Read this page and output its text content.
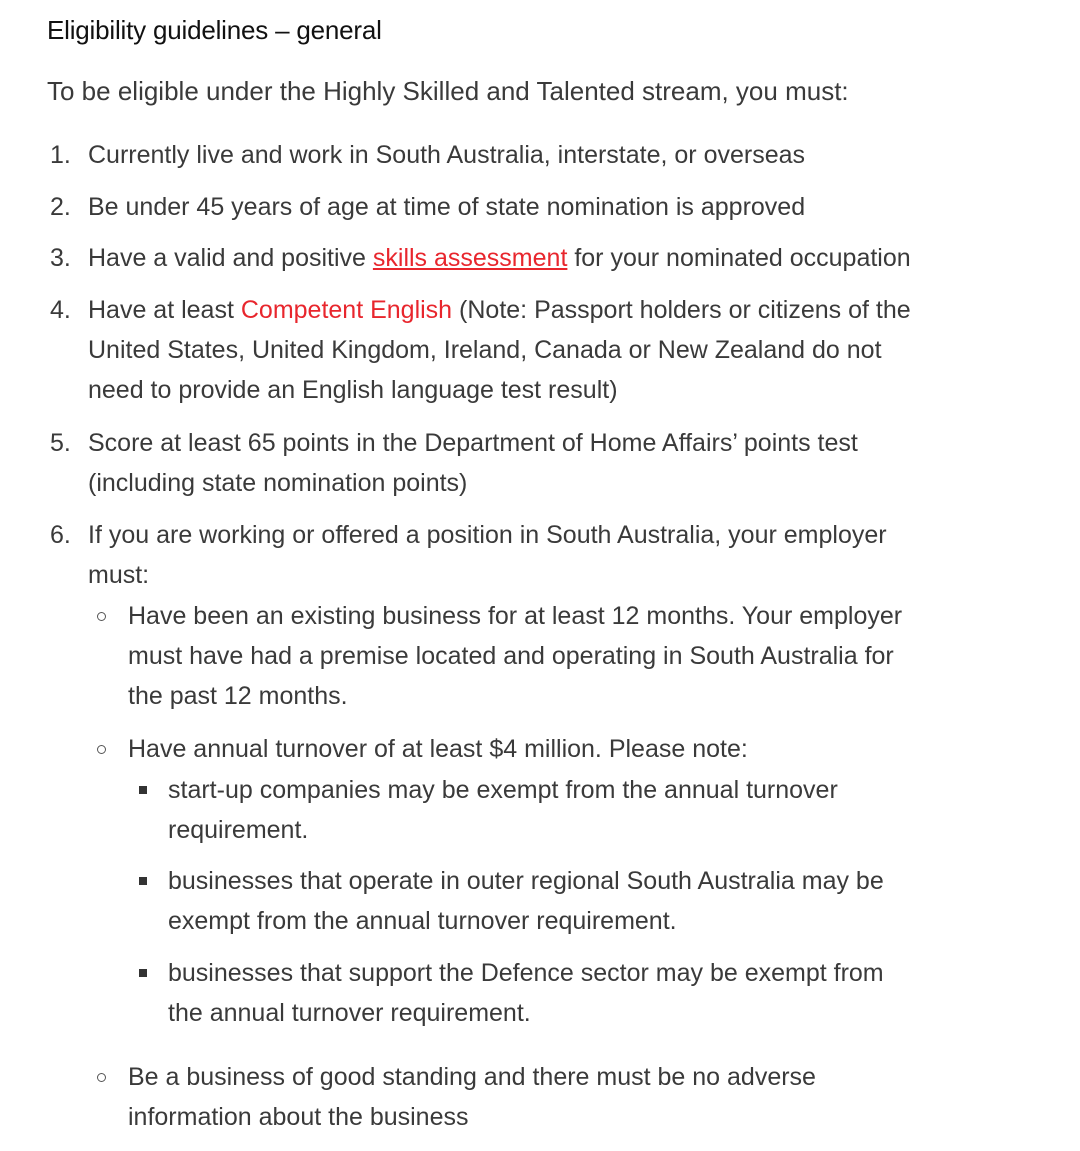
Eligibility guidelines – general
To be eligible under the Highly Skilled and Talented stream, you must:
1. Currently live and work in South Australia, interstate, or overseas
2. Be under 45 years of age at time of state nomination is approved
3. Have a valid and positive skills assessment for your nominated occupation
4. Have at least Competent English (Note: Passport holders or citizens of the
United States, United Kingdom, Ireland, Canada or New Zealand do not
need to provide an English language test result)
5. Score at least 65 points in the Department of Home Affairs’ points test
(including state nomination points)
6. If you are working or offered a position in South Australia, your employer
must:
Have been an existing business for at least 12 months. Your employer
must have had a premise located and operating in South Australia for
the past 12 months.
Have annual turnover of at least $4 million. Please note:
start-up companies may be exempt from the annual turnover
requirement.
businesses that operate in outer regional South Australia may be
exempt from the annual turnover requirement.
businesses that support the Defence sector may be exempt from
the annual turnover requirement.
Be a business of good standing and there must be no adverse
information about the business
